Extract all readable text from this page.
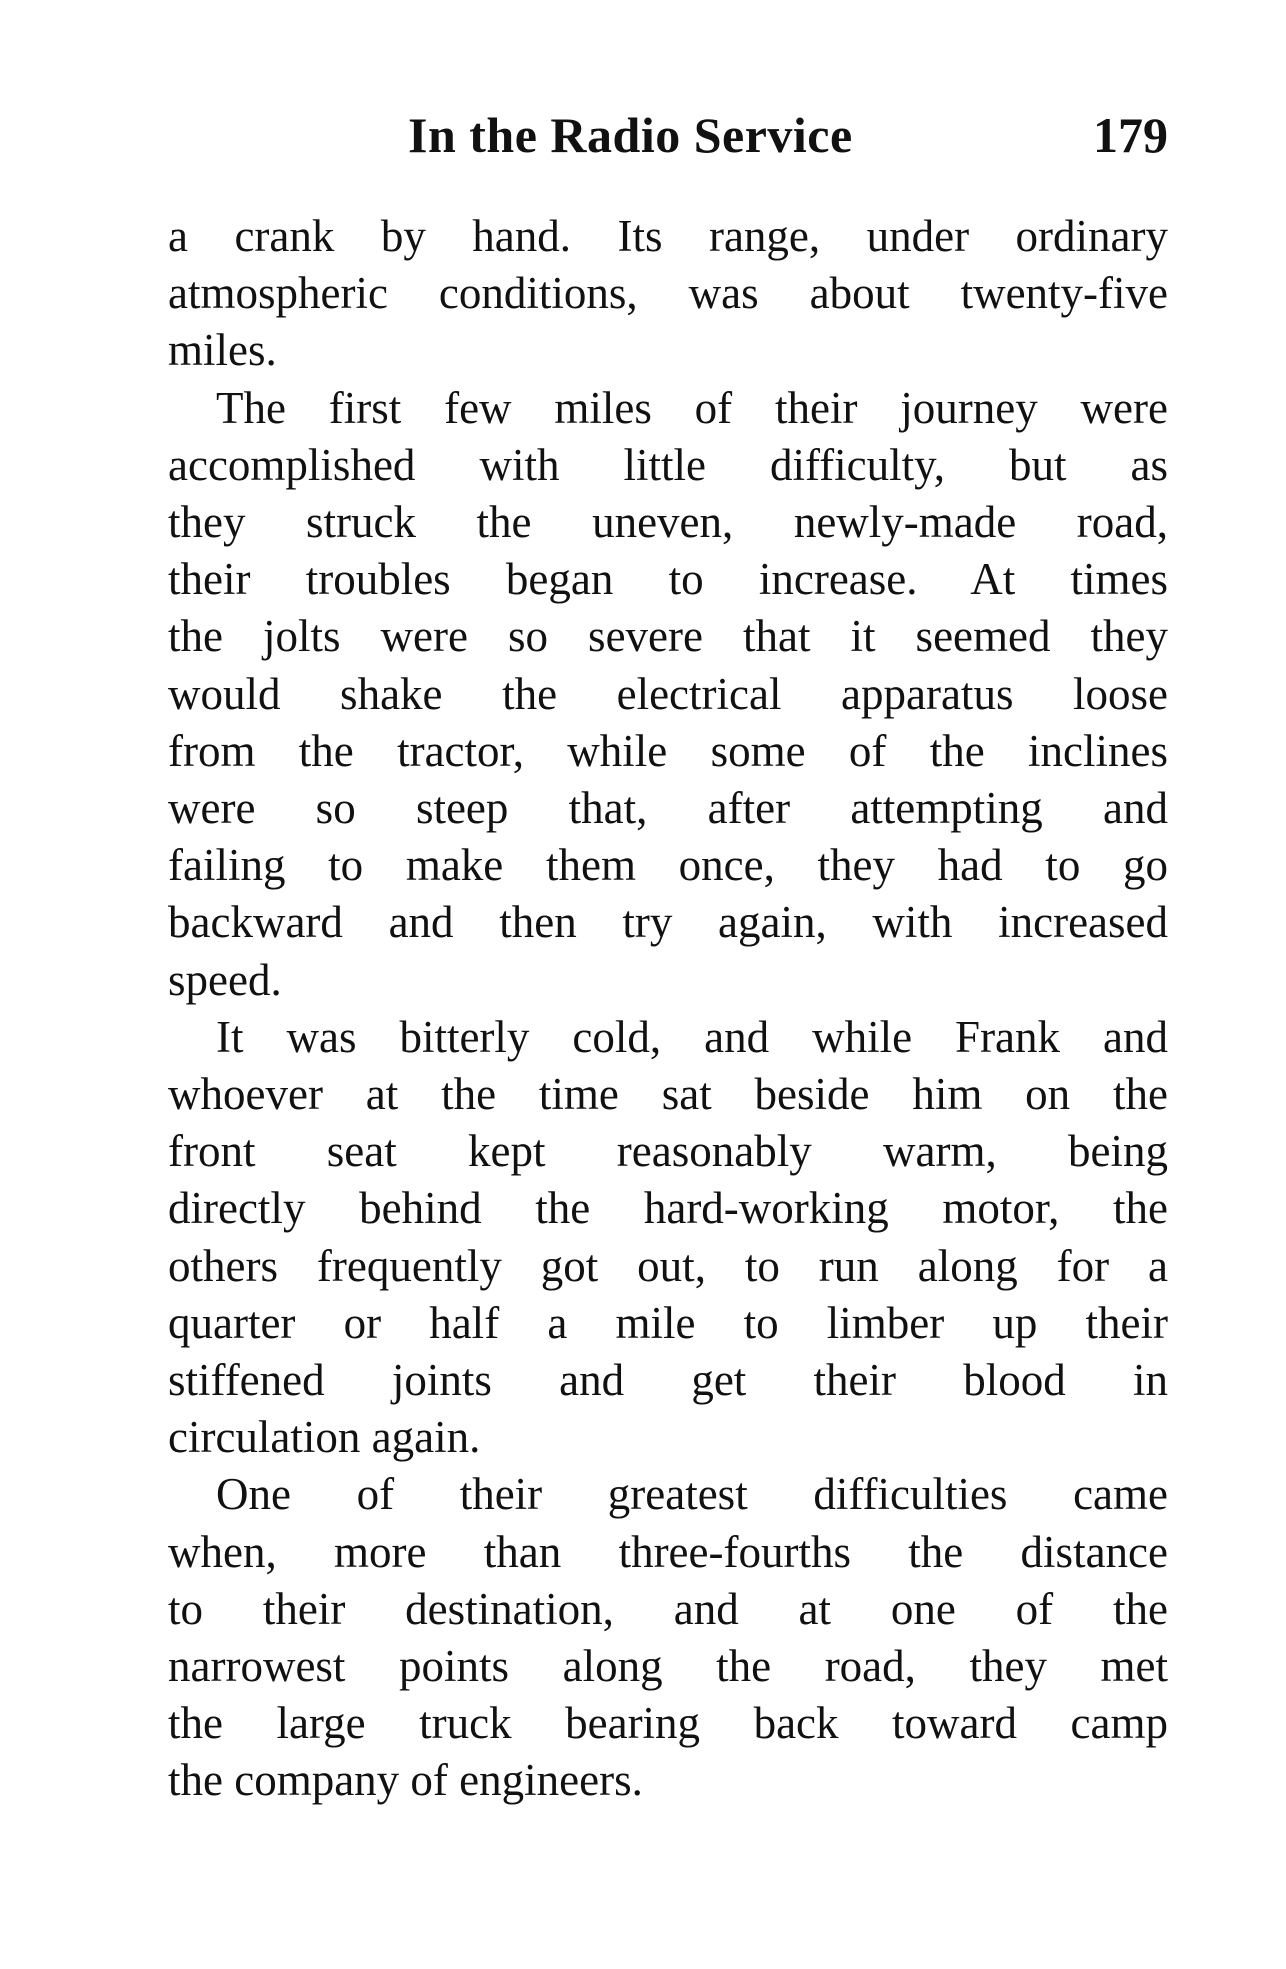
In the Radio Service	179

a crank by hand. Its range, under ordinary
atmospheric conditions, was about twenty-five
miles.

The first few miles of their journey were
accomplished with little difficulty, but as
they struck the uneven, newly-made road,
their troubles began to increase. At times
the jolts were so severe that it seemed they
would shake the electrical apparatus loose
from the tractor, while some of the inclines
were so steep that, after attempting and
failing to make them once, they had to go
backward and then try again, with increased
speed.

It was bitterly cold, and while Frank and
whoever at the time sat beside him on the
front seat kept reasonably warm, being
directly behind the hard-working motor, the
others frequently got out, to run along for a
quarter or half a mile to limber up their
stiffened joints and get their blood in
circulation again.

One of their greatest difficulties came
when, more than three-fourths the distance
to their destination, and at one of the
narrowest points along the road, they met
the large truck bearing back toward camp
the company of engineers.
